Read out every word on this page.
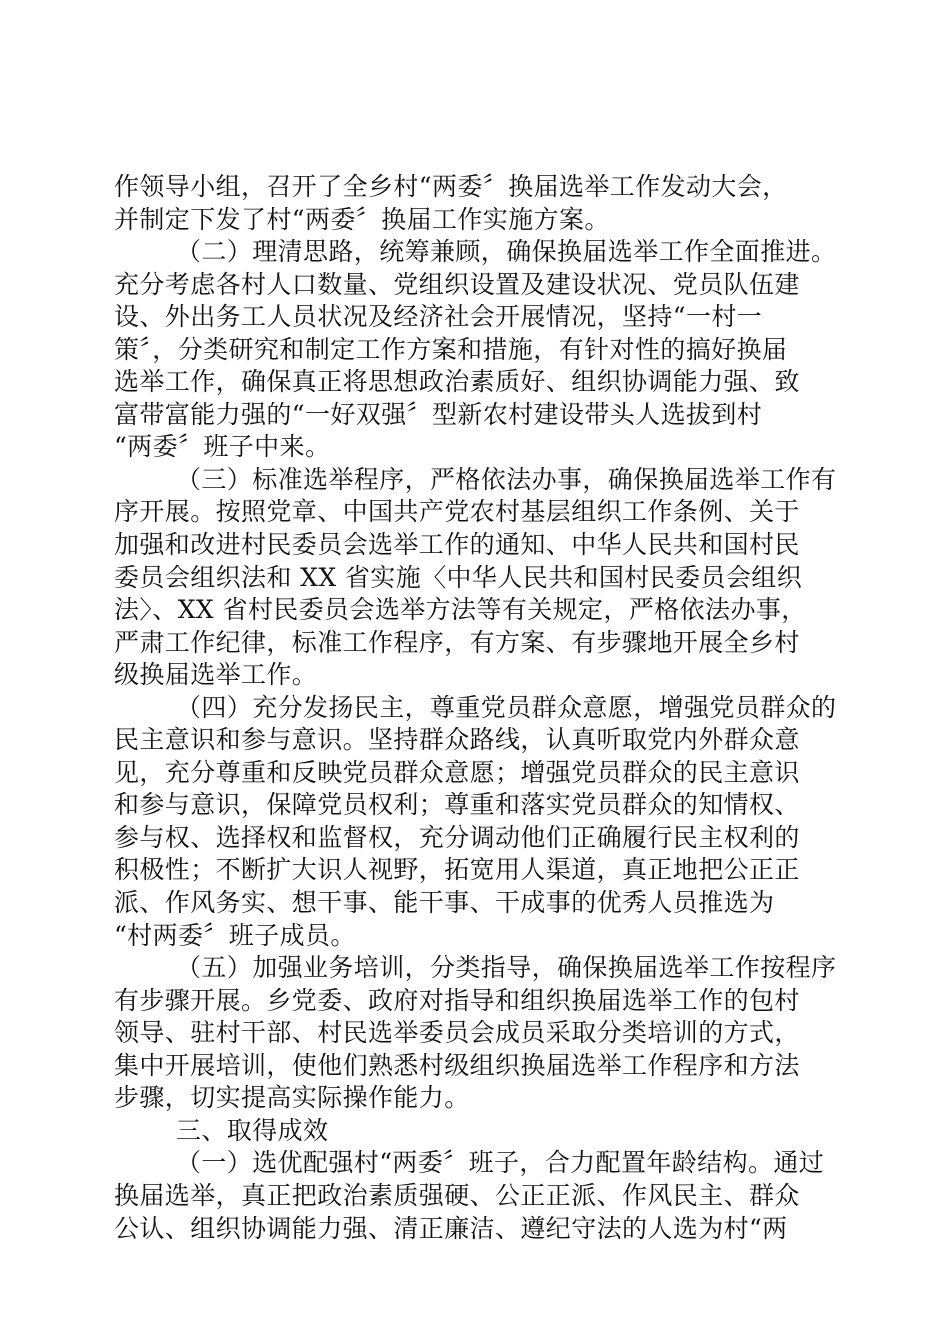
作领导小组，召开了全乡村“两委〞换届选举工作发动大会，
并制定下发了村“两委〞换届工作实施方案。
（二）理清思路，统筹兼顾，确保换届选举工作全面推进。
充分考虑各村人口数量、党组织设置及建设状况、党员队伍建
设、外出务工人员状况及经济社会开展情况，坚持“一村一
策〞，分类研究和制定工作方案和措施，有针对性的搞好换届
选举工作，确保真正将思想政治素质好、组织协调能力强、致
富带富能力强的“一好双强〞型新农村建设带头人选拔到村
“两委〞班子中来。
（三）标准选举程序，严格依法办事，确保换届选举工作有
序开展。按照党章、中国共产党农村基层组织工作条例、关于
加强和改进村民委员会选举工作的通知、中华人民共和国村民
委员会组织法和 XX 省实施〈中华人民共和国村民委员会组织
法〉、XX 省村民委员会选举方法等有关规定，严格依法办事，
严肃工作纪律，标准工作程序，有方案、有步骤地开展全乡村
级换届选举工作。
（四）充分发扬民主，尊重党员群众意愿，增强党员群众的
民主意识和参与意识。坚持群众路线，认真听取党内外群众意
见，充分尊重和反映党员群众意愿；增强党员群众的民主意识
和参与意识，保障党员权利；尊重和落实党员群众的知情权、
参与权、选择权和监督权，充分调动他们正确履行民主权利的
积极性；不断扩大识人视野，拓宽用人渠道，真正地把公正正
派、作风务实、想干事、能干事、干成事的优秀人员推选为
“村两委〞班子成员。
（五）加强业务培训，分类指导，确保换届选举工作按程序
有步骤开展。乡党委、政府对指导和组织换届选举工作的包村
领导、驻村干部、村民选举委员会成员采取分类培训的方式，
集中开展培训，使他们熟悉村级组织换届选举工作程序和方法
步骤，切实提高实际操作能力。
三、取得成效
（一）选优配强村“两委〞班子，合力配置年龄结构。通过
换届选举，真正把政治素质强硬、公正正派、作风民主、群众
公认、组织协调能力强、清正廉洁、遵纪守法的人选为村“两
